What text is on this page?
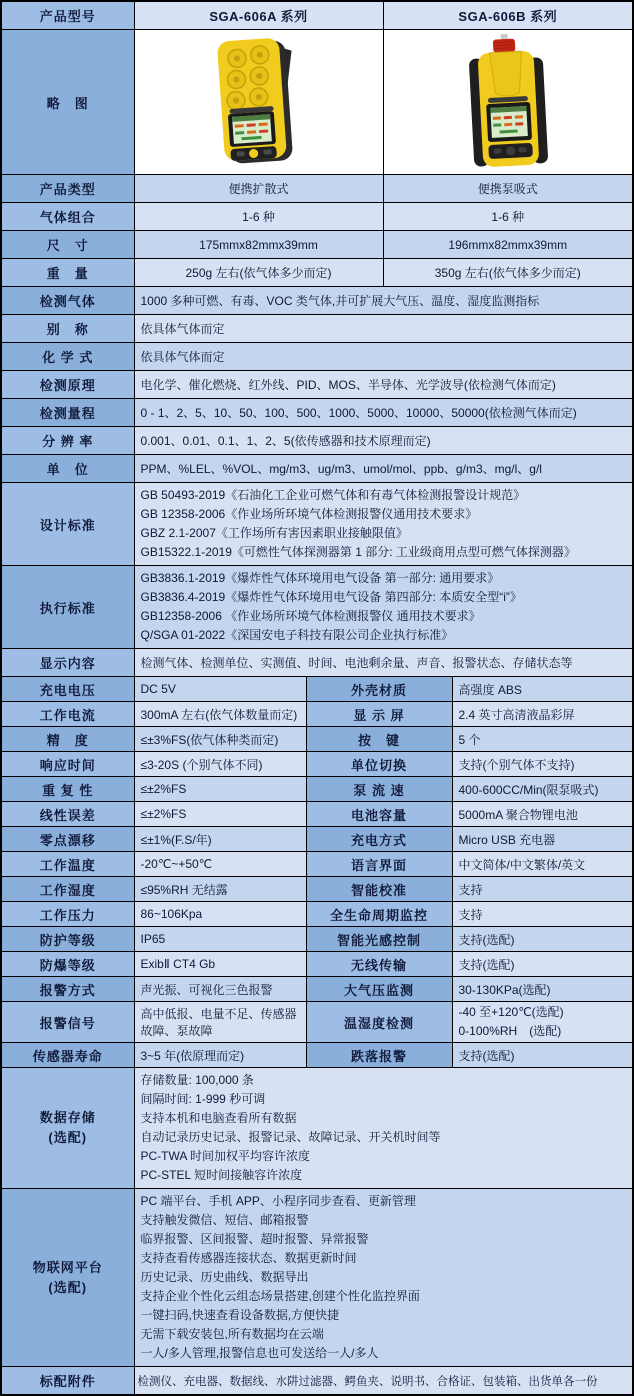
产品型号	SGA-606A 系列		SGA-606B 系列	
略　图		
产品类型	便携扩散式		便携泵吸式	
气体组合	1-6 种		1-6 种	
尺　寸	175mmx82mmx39mm		196mmx82mmx39mm	
重　量	250g 左右(依气体多少而定)		350g 左右(依气体多少而定)	
检测气体	1000 多种可燃、有毒、VOC 类气体,并可扩展大气压、温度、湿度监测指标			
别　称	依具体气体而定			
化 学 式	依具体气体而定			
检测原理	电化学、催化燃烧、红外线、PID、MOS、半导体、光学波导(依检测气体而定)			
检测量程	0 - 1、2、5、10、50、100、500、1000、5000、10000、50000(依检测气体而定)			
分 辨 率	0.001、0.01、0.1、1、2、5(依传感器和技术原理而定)			
单　位	PPM、%LEL、%VOL、mg/m3、ug/m3、umol/mol、ppb、g/m3、mg/l、g/l			
设计标准	GB 50493-2019《石油化工企业可燃气体和有毒气体检测报警设计规范》
GB 12358-2006《作业场所环境气体检测报警仪通用技术要求》
GBZ 2.1-2007《工作场所有害因素职业接触限值》
GB15322.1-2019《可燃性气体探测器第 1 部分: 工业级商用点型可燃气体探测器》			

执行标准	GB3836.1-2019《爆炸性气体环境用电气设备 第一部分: 通用要求》
GB3836.4-2019《爆炸性气体环境用电气设备 第四部分: 本质安全型“i”》
GB12358-2006 《作业场所环境气体检测报警仪 通用技术要求》
Q/SGA 01-2022《深国安电子科技有限公司企业执行标准》			

显示内容	检测气体、检测单位、实测值、时间、电池剩余量、声音、报警状态、存储状态等			
充电电压	DC 5V	外壳材质		高强度 ABS
工作电流	300mA 左右(依气体数量而定)	显 示 屏		2.4 英寸高清液晶彩屏
精　度	≤±3%FS(依气体种类而定)	按　键		5 个
响应时间	≤3-20S (个别气体不同)	单位切换		支持(个别气体不支持)
重 复 性	≤±2%FS	泵 流 速		400-600CC/Min(限泵吸式)
线性误差	≤±2%FS	电池容量		5000mA 聚合物锂电池
零点漂移	≤±1%(F.S/年)	充电方式		Micro USB 充电器
工作温度	-20℃~+50℃	语言界面		中文简体/中文繁体/英文
工作湿度	≤95%RH 无结露	智能校准		支持
工作压力	86~106Kpa	全生命周期监控		支持
防护等级	IP65	智能光感控制		支持(选配)
防爆等级	ExibⅡ CT4 Gb	无线传输		支持(选配)
报警方式	声光振、可视化三色报警	大气压监测		30-130KPa(选配)
报警信号	高中低报、电量不足、传感器故障、泵故障	温湿度检测		-40 至+120℃(选配)
0-100%RH　(选配)

传感器寿命	3~5 年(依原理而定)	跌落报警		支持(选配)

数据存储
(选配)

存储数量: 100,000 条
间隔时间: 1-999 秒可调
支持本机和电脑查看所有数据
自动记录历史记录、报警记录、故障记录、开关机时间等
PC-TWA 时间加权平均容许浓度
PC-STEL 短时间接触容许浓度

物联网平台
(选配)

PC 端平台、手机 APP、小程序同步查看、更新管理
支持触发微信、短信、邮箱报警
临界报警、区间报警、超时报警、异常报警
支持查看传感器连接状态、数据更新时间
历史记录、历史曲线、数据导出
支持企业个性化云组态场景搭建,创建个性化监控界面
一键扫码,快速查看设备数据,方便快捷
无需下载安装包,所有数据均在云端
一人/多人管理,报警信息也可发送给一人/多人

标配附件	检测仪、充电器、数据线、水阱过滤器、鳄鱼夹、说明书、合格证、包装箱、出货单各一份			
